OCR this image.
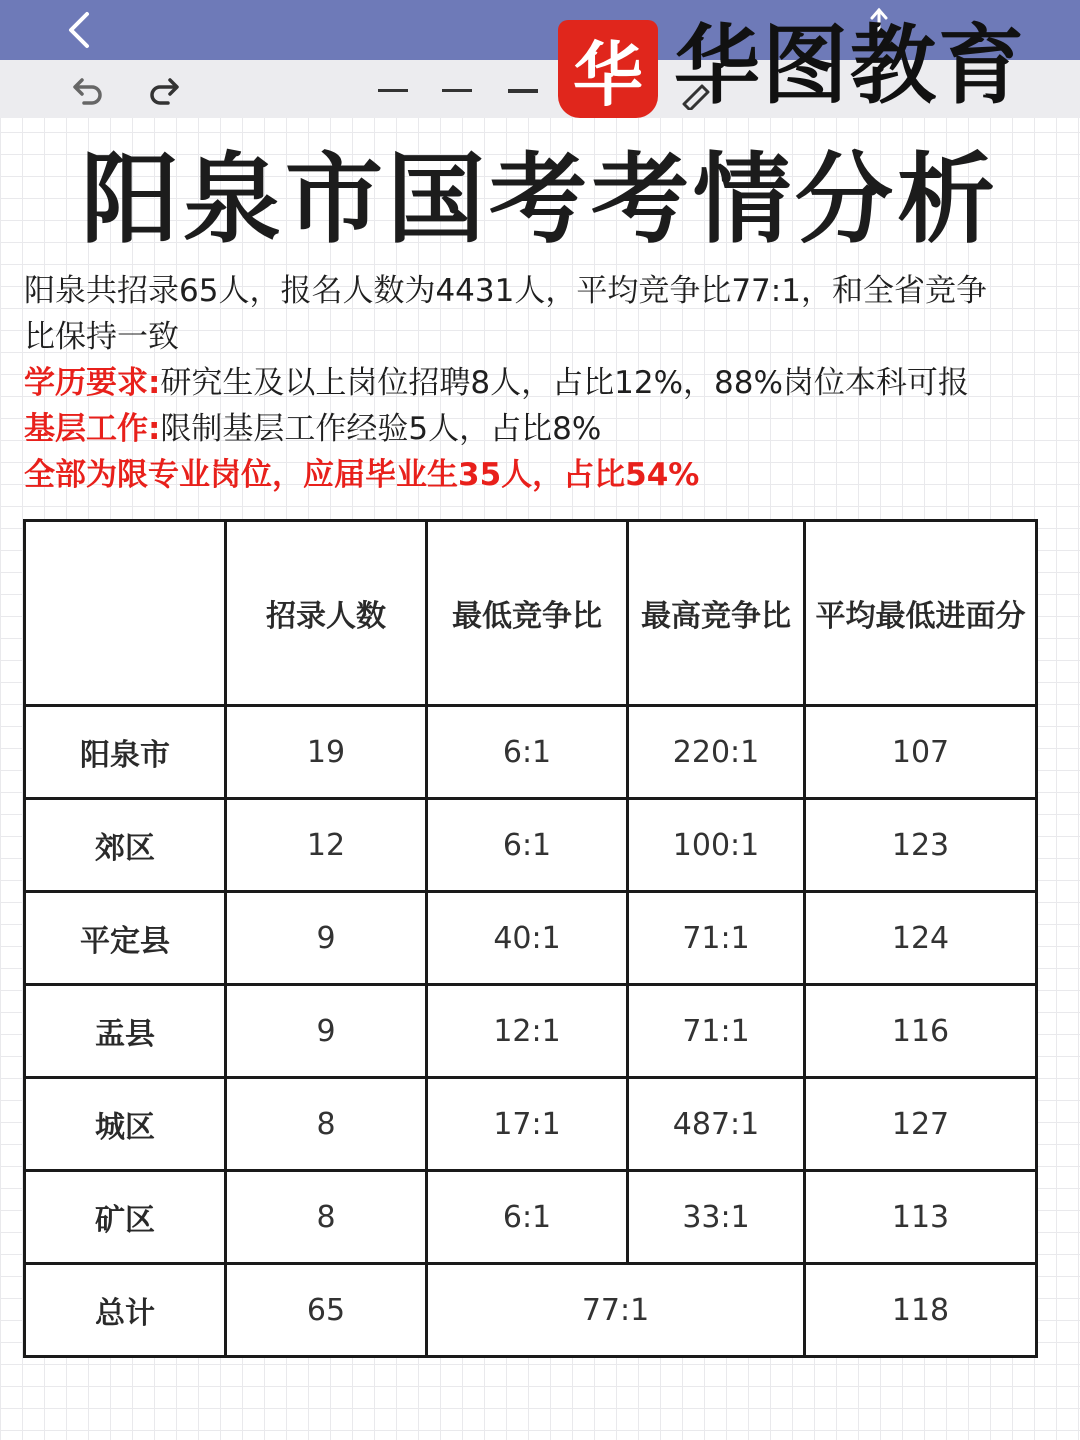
华 华图教育
阳泉市国考考情分析
阳泉共招录65人，报名人数为4431人，平均竞争比77:1，和全省竞争
比保持一致
学历要求:研究生及以上岗位招聘8人，占比12%，88%岗位本科可报
基层工作:限制基层工作经验5人，占比8%
全部为限专业岗位，应届毕业生35人，占比54%
	招录人数	最低竞争比	最高竞争比	平均最低进面分
阳泉市	19	6:1	220:1	107
郊区	12	6:1	100:1	123
平定县	9	40:1	71:1	124
盂县	9	12:1	71:1	116
城区	8	17:1	487:1	127
矿区	8	6:1	33:1	113
总计	65	77:1		118
